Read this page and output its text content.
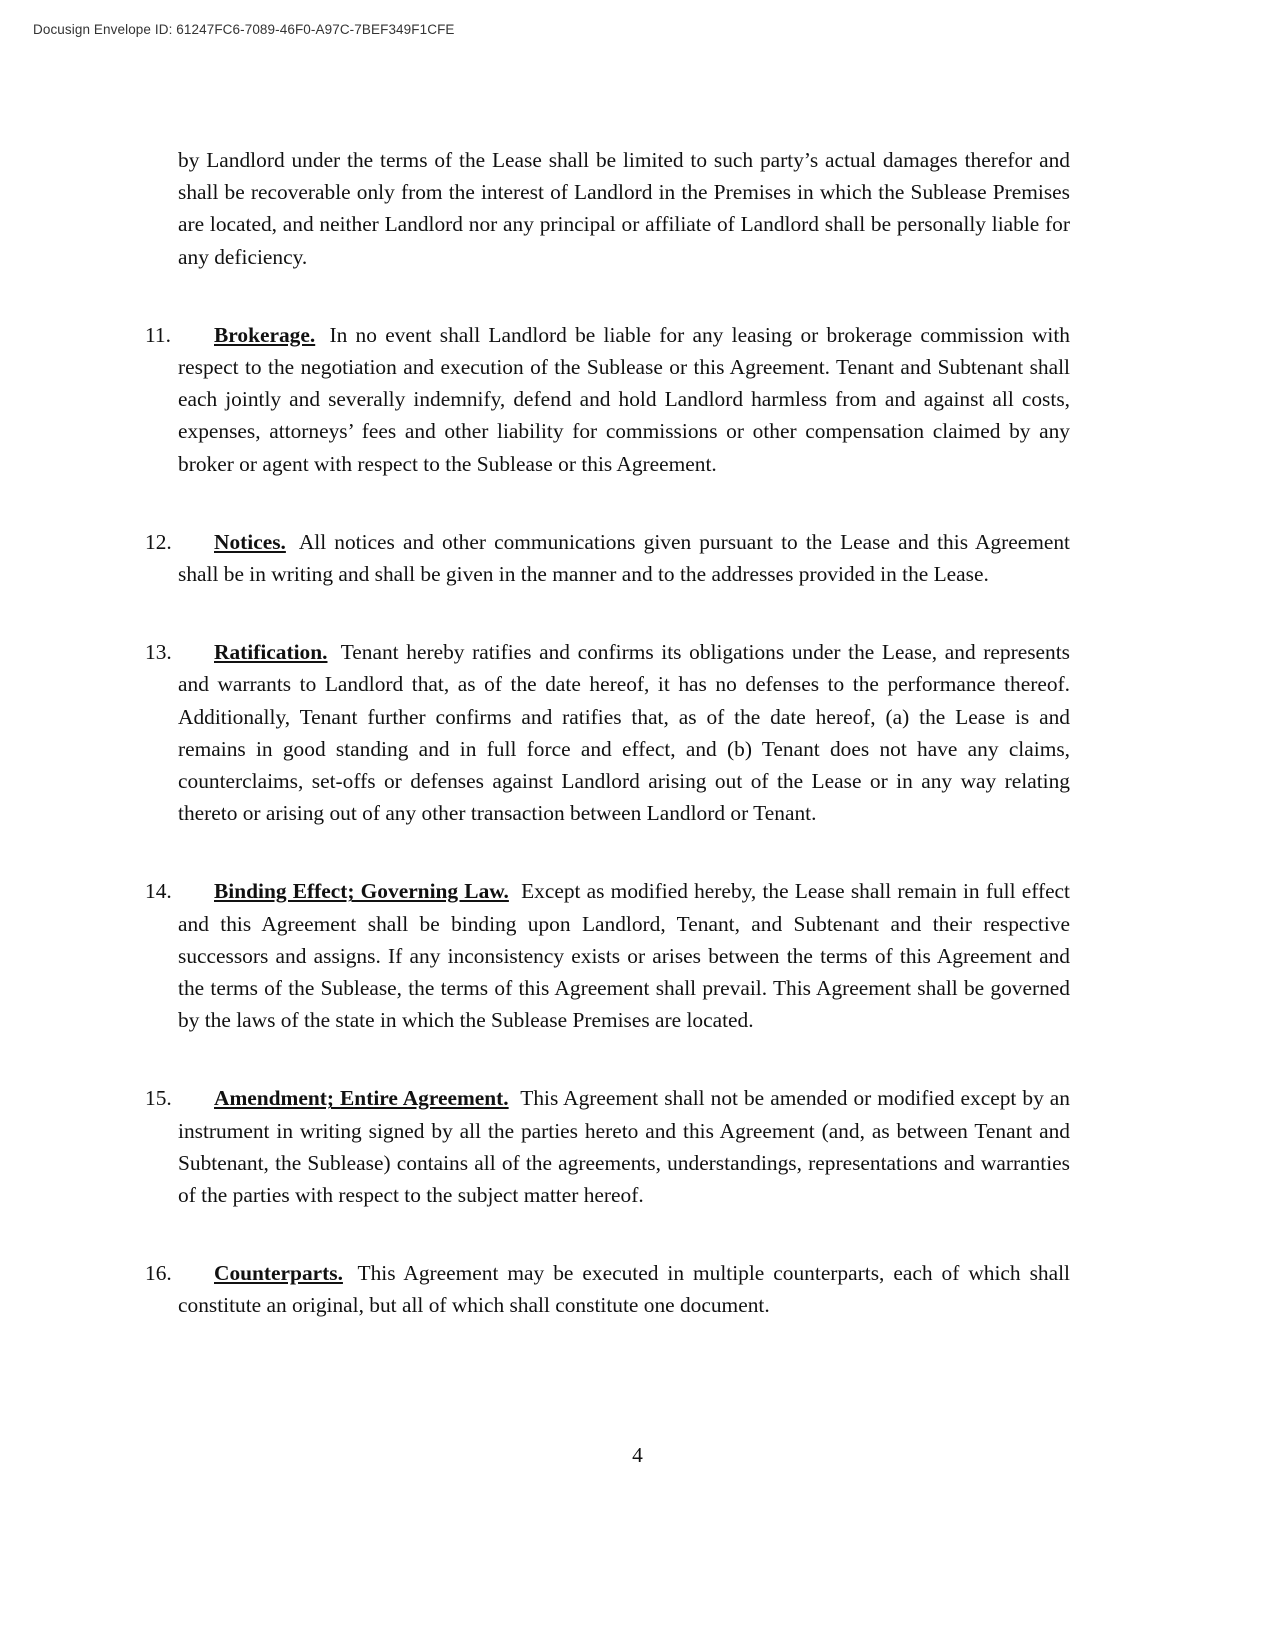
Docusign Envelope ID: 61247FC6-7089-46F0-A97C-7BEF349F1CFE

by Landlord under the terms of the Lease shall be limited to such party’s actual damages therefor and shall be recoverable only from the interest of Landlord in the Premises in which the Sublease Premises are located, and neither Landlord nor any principal or affiliate of Landlord shall be personally liable for any deficiency.

11.	Brokerage. In no event shall Landlord be liable for any leasing or brokerage commission with respect to the negotiation and execution of the Sublease or this Agreement. Tenant and Subtenant shall each jointly and severally indemnify, defend and hold Landlord harmless from and against all costs, expenses, attorneys’ fees and other liability for commissions or other compensation claimed by any broker or agent with respect to the Sublease or this Agreement.
12.	Notices. All notices and other communications given pursuant to the Lease and this Agreement shall be in writing and shall be given in the manner and to the addresses provided in the Lease.
13.	Ratification. Tenant hereby ratifies and confirms its obligations under the Lease, and represents and warrants to Landlord that, as of the date hereof, it has no defenses to the performance thereof. Additionally, Tenant further confirms and ratifies that, as of the date hereof, (a) the Lease is and remains in good standing and in full force and effect, and (b) Tenant does not have any claims, counterclaims, set-offs or defenses against Landlord arising out of the Lease or in any way relating thereto or arising out of any other transaction between Landlord or Tenant.
14.	Binding Effect; Governing Law. Except as modified hereby, the Lease shall remain in full effect and this Agreement shall be binding upon Landlord, Tenant, and Subtenant and their respective successors and assigns. If any inconsistency exists or arises between the terms of this Agreement and the terms of the Sublease, the terms of this Agreement shall prevail. This Agreement shall be governed by the laws of the state in which the Sublease Premises are located.
15.	Amendment; Entire Agreement. This Agreement shall not be amended or modified except by an instrument in writing signed by all the parties hereto and this Agreement (and, as between Tenant and Subtenant, the Sublease) contains all of the agreements, understandings, representations and warranties of the parties with respect to the subject matter hereof.
16.	Counterparts. This Agreement may be executed in multiple counterparts, each of which shall constitute an original, but all of which shall constitute one document.
4
